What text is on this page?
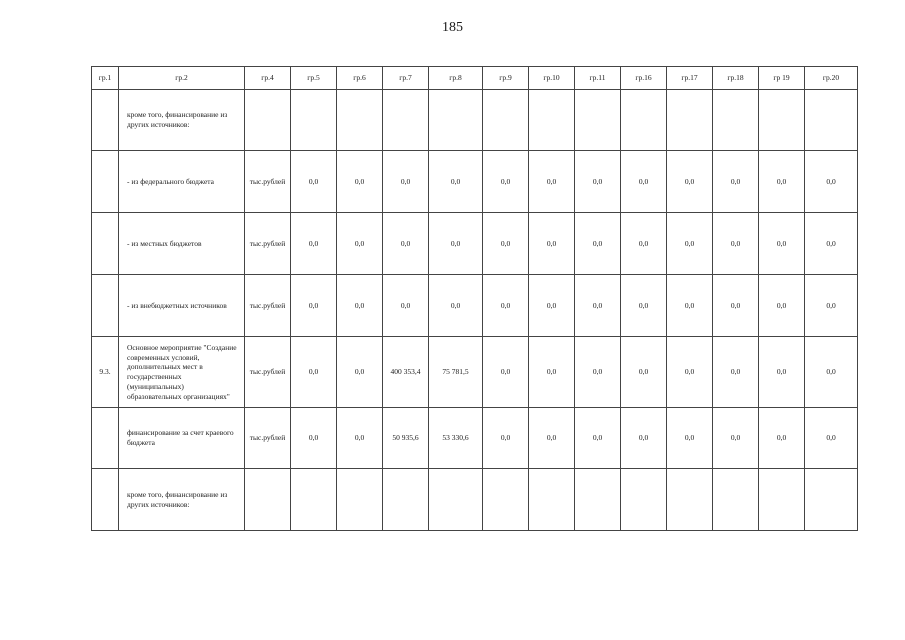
185
гр.1	гр.2	гр.4	гр.5	гр.6	гр.7	гр.8	гр.9	гр.10	гр.11	гр.16	гр.17	гр.18	гр 19	гр.20
	кроме того, финансирование из других источников:													
	- из федерального бюджета	тыс.рублей	0,0	0,0	0,0	0,0	0,0	0,0	0,0	0,0	0,0	0,0	0,0	0,0
	- из местных бюджетов	тыс.рублей	0,0	0,0	0,0	0,0	0,0	0,0	0,0	0,0	0,0	0,0	0,0	0,0
	- из внебюджетных источников	тыс.рублей	0,0	0,0	0,0	0,0	0,0	0,0	0,0	0,0	0,0	0,0	0,0	0,0
9.3.	Основное мероприятие "Создание современных условий, дополнительных мест в государственных (муниципальных) образовательных организациях"	тыс.рублей	0,0	0,0	400 353,4	75 781,5	0,0	0,0	0,0	0,0	0,0	0,0	0,0	0,0
	финансирование за счет краевого бюджета	тыс.рублей	0,0	0,0	50 935,6	53 330,6	0,0	0,0	0,0	0,0	0,0	0,0	0,0	0,0
	кроме того, финансирование из других источников:													
